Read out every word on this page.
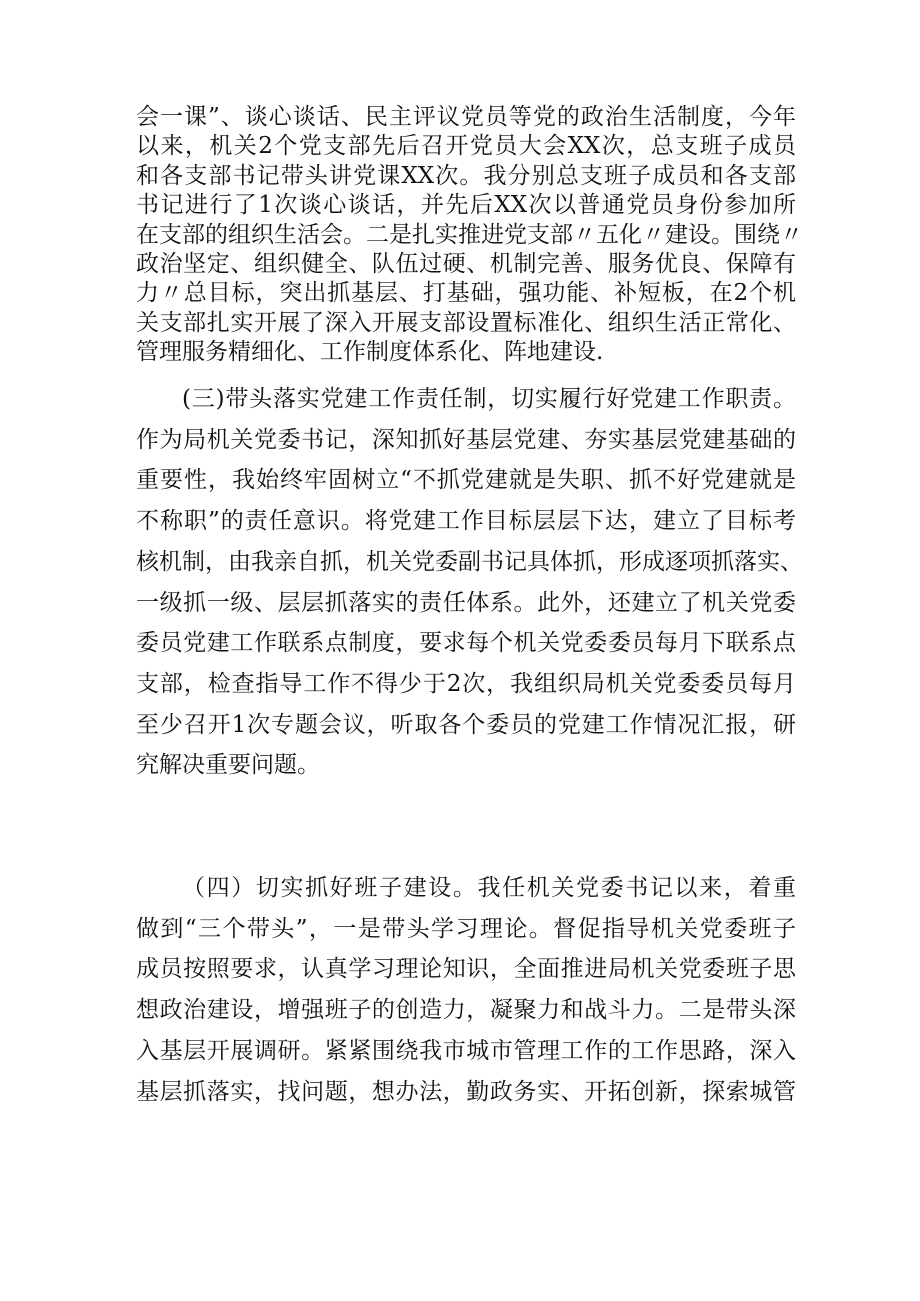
会一课”、谈心谈话、民主评议党员等党的政治生活制度，今年
以来，机关2个党支部先后召开党员大会XX次，总支班子成员
和各支部书记带头讲党课XX次。我分别总支班子成员和各支部
书记进行了1次谈心谈话，并先后XX次以普通党员身份参加所
在支部的组织生活会。二是扎实推进党支部〃五化〃建设。围绕〃
政治坚定、组织健全、队伍过硬、机制完善、服务优良、保障有
力〃总目标，突出抓基层、打基础，强功能、补短板，在2个机
关支部扎实开展了深入开展支部设置标准化、组织生活正常化、
管理服务精细化、工作制度体系化、阵地建设.
(三)带头落实党建工作责任制，切实履行好党建工作职责。
作为局机关党委书记，深知抓好基层党建、夯实基层党建基础的
重要性，我始终牢固树立“不抓党建就是失职、抓不好党建就是
不称职”的责任意识。将党建工作目标层层下达，建立了目标考
核机制，由我亲自抓，机关党委副书记具体抓，形成逐项抓落实、
一级抓一级、层层抓落实的责任体系。此外，还建立了机关党委
委员党建工作联系点制度，要求每个机关党委委员每月下联系点
支部，检查指导工作不得少于2次，我组织局机关党委委员每月
至少召开1次专题会议，听取各个委员的党建工作情况汇报，研
究解决重要问题。
（四）切实抓好班子建设。我任机关党委书记以来，着重
做到“三个带头”，一是带头学习理论。督促指导机关党委班子
成员按照要求，认真学习理论知识，全面推进局机关党委班子思
想政治建设，增强班子的创造力，凝聚力和战斗力。二是带头深
入基层开展调研。紧紧围绕我市城市管理工作的工作思路，深入
基层抓落实，找问题，想办法，勤政务实、开拓创新，探索城管
